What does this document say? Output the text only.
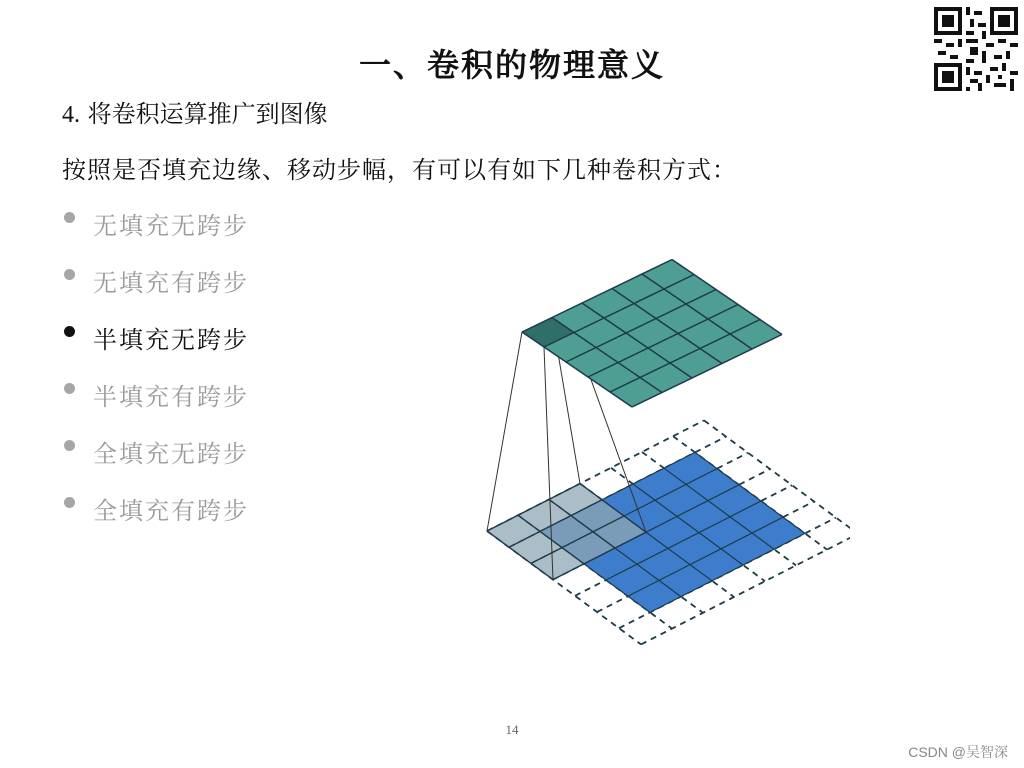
一、卷积的物理意义
4. 将卷积运算推广到图像
按照是否填充边缘、移动步幅，有可以有如下几种卷积方式：
无填充无跨步
无填充有跨步
半填充无跨步
半填充有跨步
全填充无跨步
全填充有跨步
14
CSDN @吴智深
